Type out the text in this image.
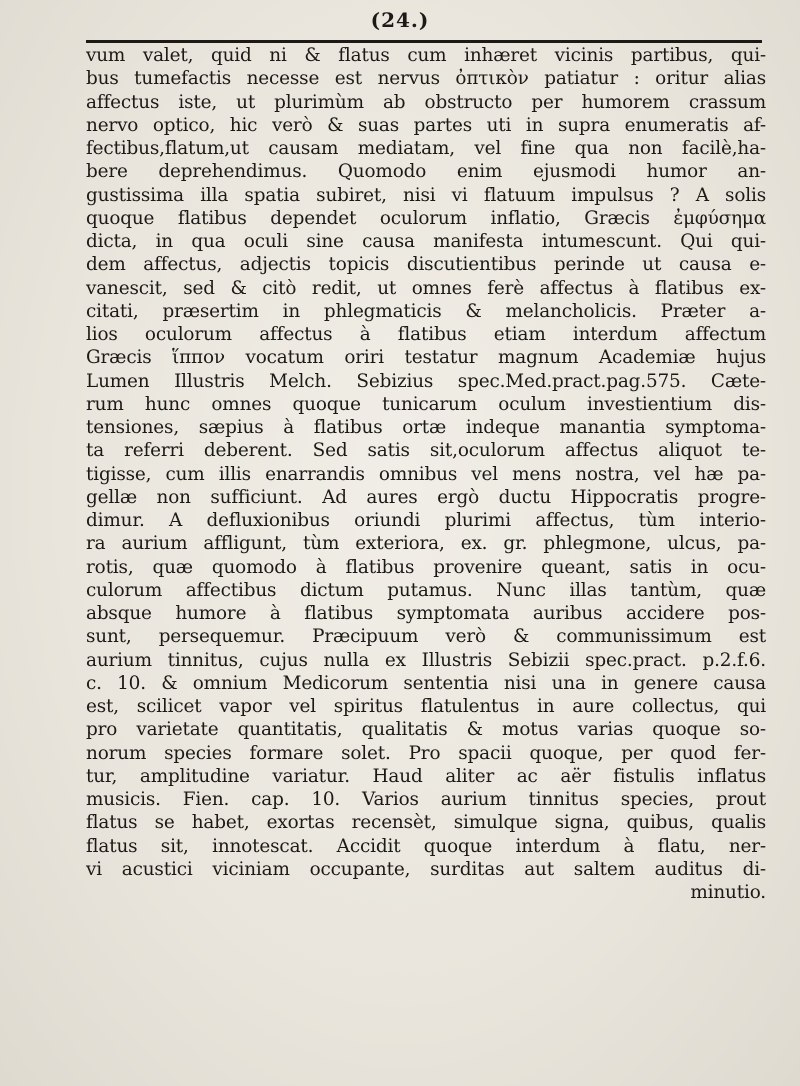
(24.)
vum valet, quid ni & flatus cum inhæret vicinis partibus, qui-
bus tumefactis necesse est nervus ὀπτικὸν patiatur : oritur alias
affectus iste, ut plurimùm ab obstructo per humorem crassum
nervo optico, hic verò & suas partes uti in supra enumeratis af-
fectibus,flatum,ut causam mediatam, vel fine qua non facilè,ha-
bere deprehendimus. Quomodo enim ejusmodi humor an-
gustissima illa spatia subiret, nisi vi flatuum impulsus ? A solis
quoque flatibus dependet oculorum inflatio, Græcis ἐμφύσημα
dicta, in qua oculi sine causa manifesta intumescunt. Qui qui-
dem affectus, adjectis topicis discutientibus perinde ut causa e-
vanescit, sed & citò redit, ut omnes ferè affectus à flatibus ex-
citati, præsertim in phlegmaticis & melancholicis. Præter a-
lios oculorum affectus à flatibus etiam interdum affectum
Græcis ἵππον vocatum oriri testatur magnum Academiæ hujus
Lumen Illustris Melch. Sebizius spec.Med.pract.pag.575. Cæte-
rum hunc omnes quoque tunicarum oculum investientium dis-
tensiones, sæpius à flatibus ortæ indeque manantia symptoma-
ta referri deberent. Sed satis sit,oculorum affectus aliquot te-
tigisse, cum illis enarrandis omnibus vel mens nostra, vel hæ pa-
gellæ non sufficiunt. Ad aures ergò ductu Hippocratis progre-
dimur. A defluxionibus oriundi plurimi affectus, tùm interio-
ra aurium affligunt, tùm exteriora, ex. gr. phlegmone, ulcus, pa-
rotis, quæ quomodo à flatibus provenire queant, satis in ocu-
culorum affectibus dictum putamus. Nunc illas tantùm, quæ
absque humore à flatibus symptomata auribus accidere pos-
sunt, persequemur. Præcipuum verò & communissimum est
aurium tinnitus, cujus nulla ex Illustris Sebizii spec.pract. p.2.f.6.
c. 10. & omnium Medicorum sententia nisi una in genere causa
est, scilicet vapor vel spiritus flatulentus in aure collectus, qui
pro varietate quantitatis, qualitatis & motus varias quoque so-
norum species formare solet. Pro spacii quoque, per quod fer-
tur, amplitudine variatur. Haud aliter ac aër fistulis inflatus
musicis. Fien. cap. 10. Varios aurium tinnitus species, prout
flatus se habet, exortas recensèt, simulque signa, quibus, qualis
flatus sit, innotescat. Accidit quoque interdum à flatu, ner-
vi acustici viciniam occupante, surditas aut saltem auditus di-
minutio.
